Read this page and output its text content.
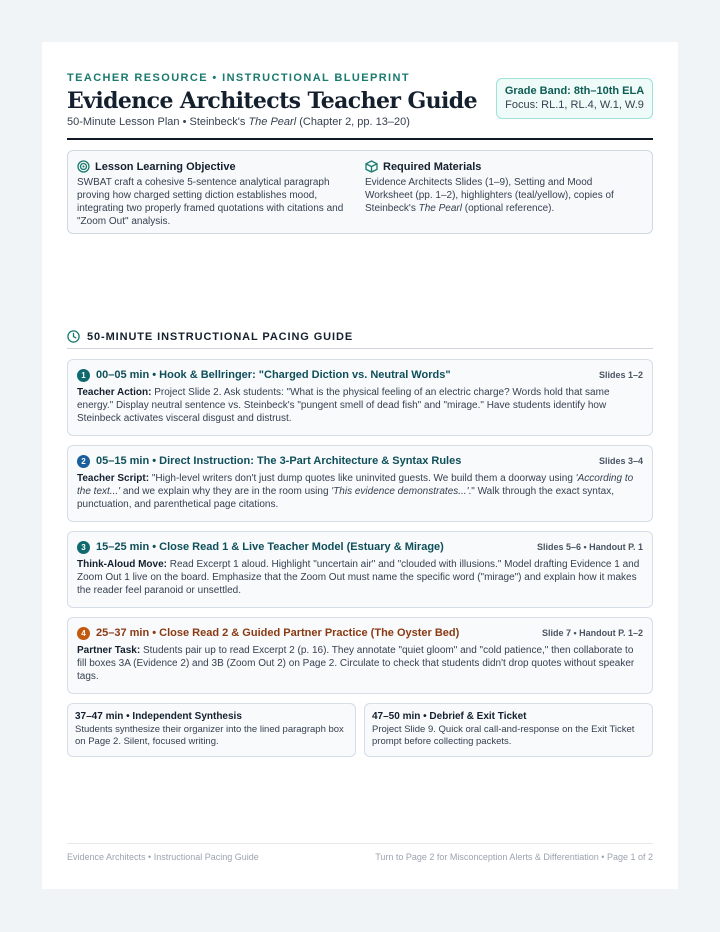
TEACHER RESOURCE • INSTRUCTIONAL BLUEPRINT
Evidence Architects Teacher Guide
50-Minute Lesson Plan • Steinbeck's The Pearl (Chapter 2, pp. 13–20)
Grade Band: 8th–10th ELA
Focus: RL.1, RL.4, W.1, W.9
Lesson Learning Objective
SWBAT craft a cohesive 5-sentence analytical paragraph proving how charged setting diction establishes mood, integrating two properly framed quotations with citations and "Zoom Out" analysis.
Required Materials
Evidence Architects Slides (1–9), Setting and Mood Worksheet (pp. 1–2), highlighters (teal/yellow), copies of Steinbeck's The Pearl (optional reference).
50-MINUTE INSTRUCTIONAL PACING GUIDE
1 00–05 min • Hook & Bellringer: "Charged Diction vs. Neutral Words"	Slides 1–2
Teacher Action: Project Slide 2. Ask students: "What is the physical feeling of an electric charge? Words hold that same energy." Display neutral sentence vs. Steinbeck's "pungent smell of dead fish" and "mirage." Have students identify how Steinbeck activates visceral disgust and distrust.
2 05–15 min • Direct Instruction: The 3-Part Architecture & Syntax Rules	Slides 3–4
Teacher Script: "High-level writers don't just dump quotes like uninvited guests. We build them a doorway using 'According to the text...' and we explain why they are in the room using 'This evidence demonstrates...'." Walk through the exact syntax, punctuation, and parenthetical page citations.
3 15–25 min • Close Read 1 & Live Teacher Model (Estuary & Mirage)	Slides 5–6 • Handout P. 1
Think-Aloud Move: Read Excerpt 1 aloud. Highlight "uncertain air" and "clouded with illusions." Model drafting Evidence 1 and Zoom Out 1 live on the board. Emphasize that the Zoom Out must name the specific word ("mirage") and explain how it makes the reader feel paranoid or unsettled.
4 25–37 min • Close Read 2 & Guided Partner Practice (The Oyster Bed)	Slide 7 • Handout P. 1–2
Partner Task: Students pair up to read Excerpt 2 (p. 16). They annotate "quiet gloom" and "cold patience," then collaborate to fill boxes 3A (Evidence 2) and 3B (Zoom Out 2) on Page 2. Circulate to check that students didn't drop quotes without speaker tags.
37–47 min • Independent Synthesis
Students synthesize their organizer into the lined paragraph box on Page 2. Silent, focused writing.
47–50 min • Debrief & Exit Ticket
Project Slide 9. Quick oral call-and-response on the Exit Ticket prompt before collecting packets.
Evidence Architects • Instructional Pacing Guide	Turn to Page 2 for Misconception Alerts & Differentiation • Page 1 of 2
